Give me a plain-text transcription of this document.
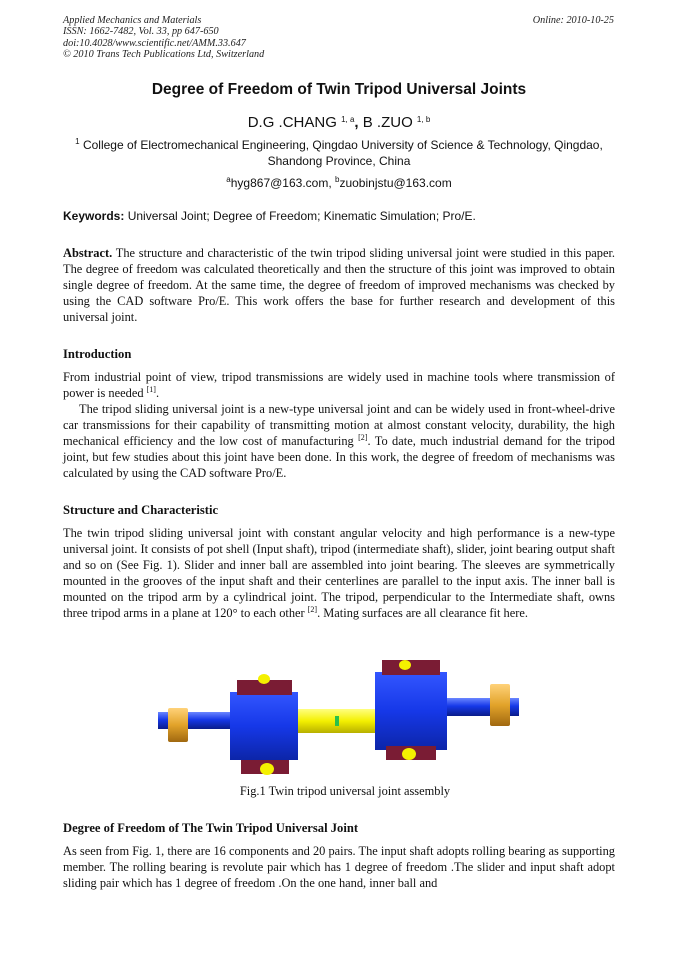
Applied Mechanics and Materials
ISSN: 1662-7482, Vol. 33, pp 647-650
doi:10.4028/www.scientific.net/AMM.33.647
© 2010 Trans Tech Publications Ltd, Switzerland
Online: 2010-10-25
Degree of Freedom of Twin Tripod Universal Joints
D.G .CHANG $^{1, a}$, B .ZUO $^{1, b}$
$^1$ College of Electromechanical Engineering, Qingdao University of Science & Technology, Qingdao, Shandong Province, China
$^a$hyg867@163.com, $^b$zuobinjstu@163.com
Keywords: Universal Joint; Degree of Freedom; Kinematic Simulation; Pro/E.
Abstract. The structure and characteristic of the twin tripod sliding universal joint were studied in this paper. The degree of freedom was calculated theoretically and then the structure of this joint was improved to obtain single degree of freedom. At the same time, the degree of freedom of improved mechanisms was checked by using the CAD software Pro/E. This work offers the base for further research and development of this universal joint.
Introduction
From industrial point of view, tripod transmissions are widely used in machine tools where transmission of power is needed [1].
The tripod sliding universal joint is a new-type universal joint and can be widely used in front-wheel-drive car transmissions for their capability of transmitting motion at almost constant velocity, durability, the high mechanical efficiency and the low cost of manufacturing [2]. To date, much industrial demand for the tripod joint, but few studies about this joint have been done. In this work, the degree of freedom of mechanisms was calculated by using the CAD software Pro/E.
Structure and Characteristic
The twin tripod sliding universal joint with constant angular velocity and high performance is a new-type universal joint. It consists of pot shell (Input shaft), tripod (intermediate shaft), slider, joint bearing output shaft and so on (See Fig. 1). Slider and inner ball are assembled into joint bearing. The sleeves are symmetrically mounted in the grooves of the input shaft and their centerlines are parallel to the input axis. The inner ball is mounted on the tripod arm by a cylindrical joint. The tripod, perpendicular to the Intermediate shaft, owns three tripod arms in a plane at 120° to each other [2]. Mating surfaces are all clearance fit here.
Fig.1 Twin tripod universal joint assembly
Degree of Freedom of The Twin Tripod Universal Joint
As seen from Fig. 1, there are 16 components and 20 pairs. The input shaft adopts rolling bearing as supporting member. The rolling bearing is revolute pair which has 1 degree of freedom .The slider and input shaft adopt sliding pair which has 1 degree of freedom .On the one hand, inner ball and
